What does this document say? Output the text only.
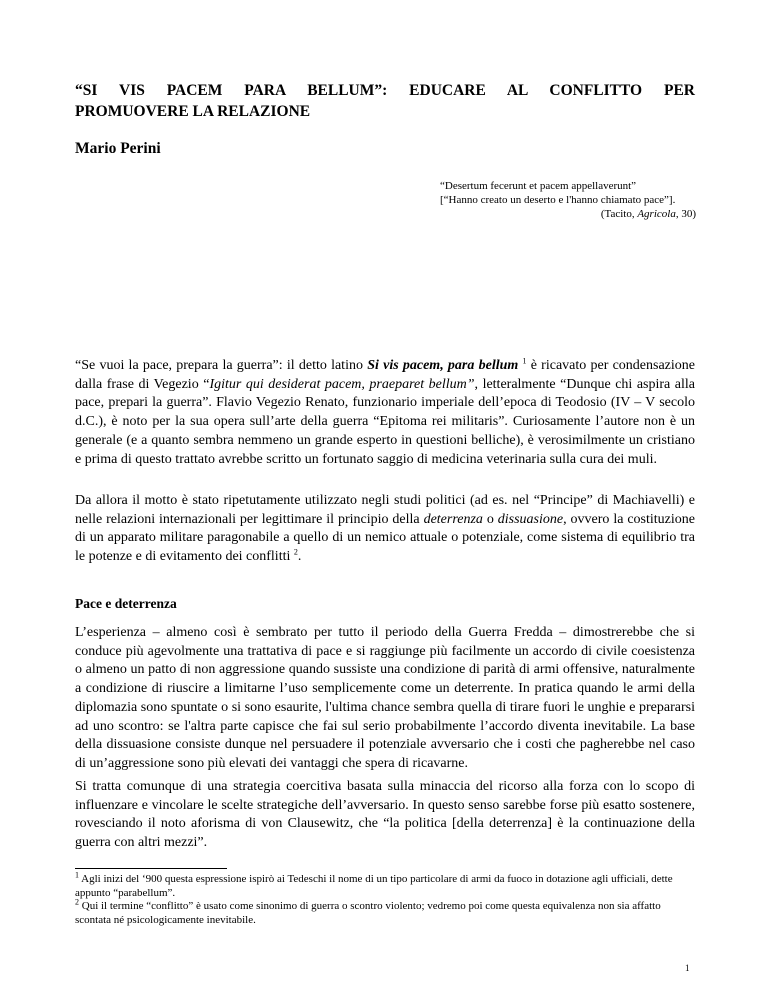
“SI VIS PACEM PARA BELLUM”: EDUCARE AL CONFLITTO PER
PROMUOVERE LA RELAZIONE
Mario Perini
“Desertum fecerunt et pacem appellaverunt”
[“Hanno creato un deserto e l'hanno chiamato pace”].
(Tacito, Agricola, 30)
“Se vuoi la pace, prepara la guerra”: il detto latino Si vis pacem, para bellum $^1$ è ricavato per condensazione dalla frase di Vegezio “Igitur qui desiderat pacem, praeparet bellum”, letteralmente “Dunque chi aspira alla pace, prepari la guerra”. Flavio Vegezio Renato, funzionario imperiale dell’epoca di Teodosio (IV – V secolo d.C.), è noto per la sua opera sull’arte della guerra “Epitoma rei militaris”. Curiosamente l’autore non è un generale (e a quanto sembra nemmeno un grande esperto in questioni belliche), è verosimilmente un cristiano e prima di questo trattato avrebbe scritto un fortunato saggio di medicina veterinaria sulla cura dei muli.
Da allora il motto è stato ripetutamente utilizzato negli studi politici (ad es. nel “Principe” di Machiavelli) e nelle relazioni internazionali per legittimare il principio della deterrenza o dissuasione, ovvero la costituzione di un apparato militare paragonabile a quello di un nemico attuale o potenziale, come sistema di equilibrio tra le potenze e di evitamento dei conflitti $^2$.
Pace e deterrenza
L’esperienza – almeno così è sembrato per tutto il periodo della Guerra Fredda – dimostrerebbe che si conduce più agevolmente una trattativa di pace e si raggiunge più facilmente un accordo di civile coesistenza o almeno un patto di non aggressione quando sussiste una condizione di parità di armi offensive, naturalmente a condizione di riuscire a limitarne l’uso semplicemente come un deterrente. In pratica quando le armi della diplomazia sono spuntate o si sono esaurite, l'ultima chance sembra quella di tirare fuori le unghie e prepararsi ad uno scontro: se l'altra parte capisce che fai sul serio probabilmente l’accordo diventa inevitabile. La base della dissuasione consiste dunque nel persuadere il potenziale avversario che i costi che pagherebbe nel caso di un’aggressione sono più elevati dei vantaggi che spera di ricavarne.
Si tratta comunque di una strategia coercitiva basata sulla minaccia del ricorso alla forza con lo scopo di influenzare e vincolare le scelte strategiche dell’avversario. In questo senso sarebbe forse più esatto sostenere, rovesciando il noto aforisma di von Clausewitz, che “la politica [della deterrenza] è la continuazione della guerra con altri mezzi”.

$^1$ Agli inizi del ‘900 questa espressione ispirò ai Tedeschi il nome di un tipo particolare di armi da fuoco in dotazione agli ufficiali, dette appunto “parabellum”.

$^2$ Qui il termine “conflitto” è usato come sinonimo di guerra o scontro violento; vedremo poi come questa equivalenza non sia affatto scontata né psicologicamente inevitabile.

1
